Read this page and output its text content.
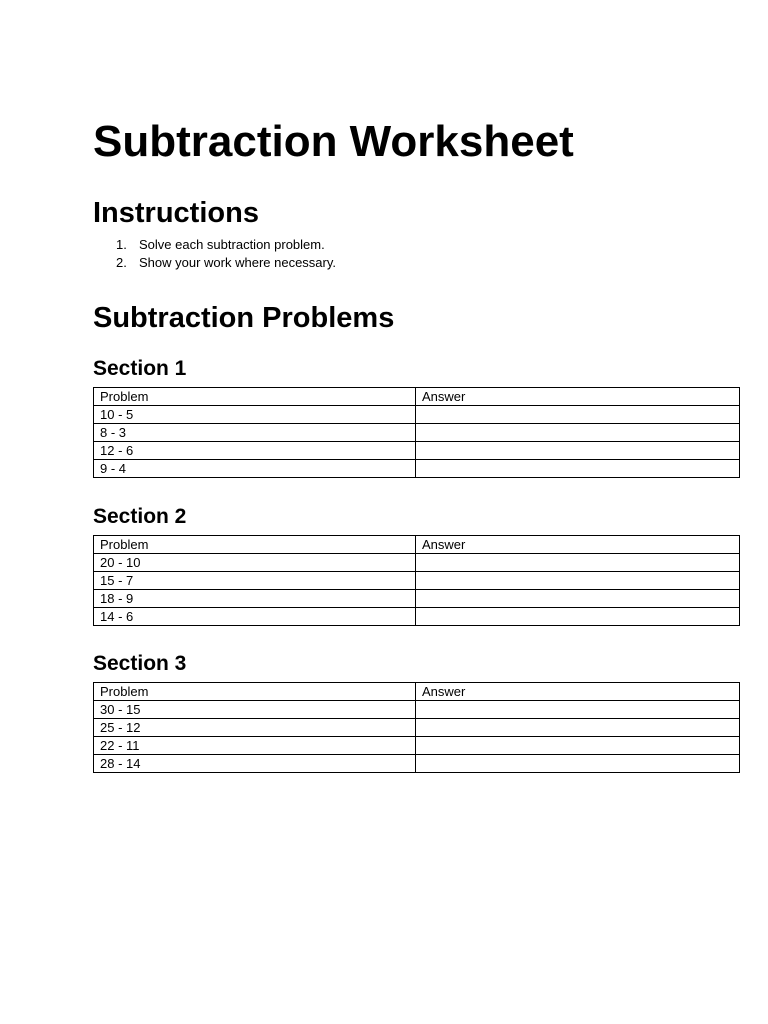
Subtraction Worksheet
Instructions
1. Solve each subtraction problem.
2. Show your work where necessary.
Subtraction Problems
Section 1
Problem	Answer
10 - 5	
8 - 3	
12 - 6	
9 - 4	
Section 2
Problem	Answer
20 - 10	
15 - 7	
18 - 9	
14 - 6	
Section 3
Problem	Answer
30 - 15	
25 - 12	
22 - 11	
28 - 14	
